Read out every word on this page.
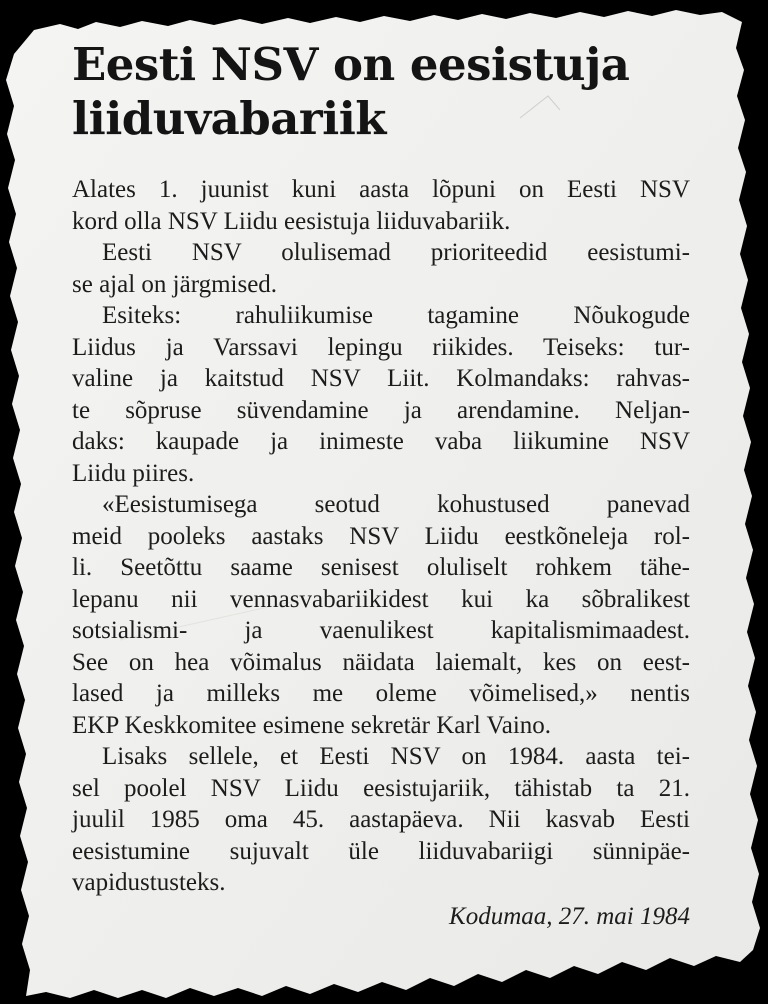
Eesti NSV on eesistuja
liiduvabariik
Alates 1. juunist kuni aasta lõpuni on Eesti NSV
kord olla NSV Liidu eesistuja liiduvabariik.
Eesti NSV olulisemad prioriteedid eesistumi-
se ajal on järgmised.
Esiteks: rahuliikumise tagamine Nõukogude
Liidus ja Varssavi lepingu riikides. Teiseks: tur-
valine ja kaitstud NSV Liit. Kolmandaks: rahvas-
te sõpruse süvendamine ja arendamine. Neljan-
daks: kaupade ja inimeste vaba liikumine NSV
Liidu piires.
«Eesistumisega seotud kohustused panevad
meid pooleks aastaks NSV Liidu eestkõneleja rol-
li. Seetõttu saame senisest oluliselt rohkem tähe-
lepanu nii vennasvabariikidest kui ka sõbralikest
sotsialismi- ja vaenulikest kapitalismimaadest.
See on hea võimalus näidata laiemalt, kes on eest-
lased ja milleks me oleme võimelised,» nentis
EKP Keskkomitee esimene sekretär Karl Vaino.
Lisaks sellele, et Eesti NSV on 1984. aasta tei-
sel poolel NSV Liidu eesistujariik, tähistab ta 21.
juulil 1985 oma 45. aastapäeva. Nii kasvab Eesti
eesistumine sujuvalt üle liiduvabariigi sünnipäe-
vapidustusteks.
Kodumaa, 27. mai 1984
